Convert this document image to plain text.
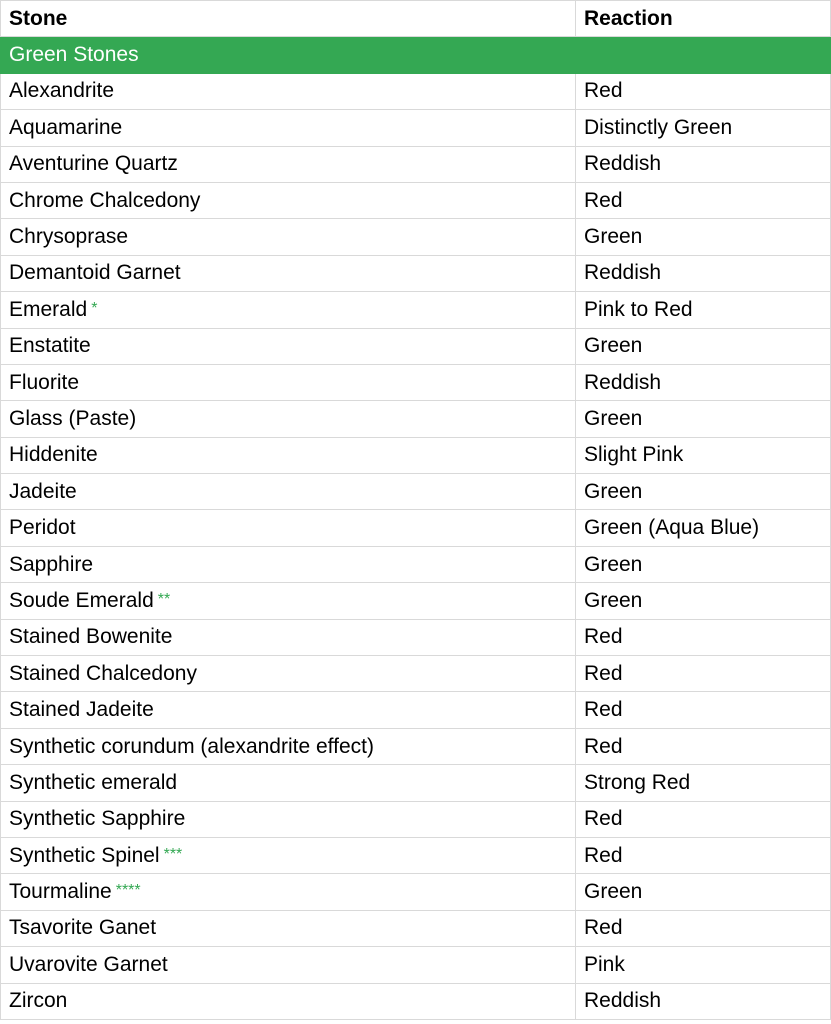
Stone	Reaction
Green Stones	
Alexandrite	Red
Aquamarine	Distinctly Green
Aventurine Quartz	Reddish
Chrome Chalcedony	Red
Chrysoprase	Green
Demantoid Garnet	Reddish
Emerald *	Pink to Red
Enstatite	Green
Fluorite	Reddish
Glass (Paste)	Green
Hiddenite	Slight Pink
Jadeite	Green
Peridot	Green (Aqua Blue)
Sapphire	Green
Soude Emerald **	Green
Stained Bowenite	Red
Stained Chalcedony	Red
Stained Jadeite	Red
Synthetic corundum (alexandrite effect)	Red
Synthetic emerald	Strong Red
Synthetic Sapphire	Red
Synthetic Spinel ***	Red
Tourmaline ****	Green
Tsavorite Ganet	Red
Uvarovite Garnet	Pink
Zircon	Reddish
